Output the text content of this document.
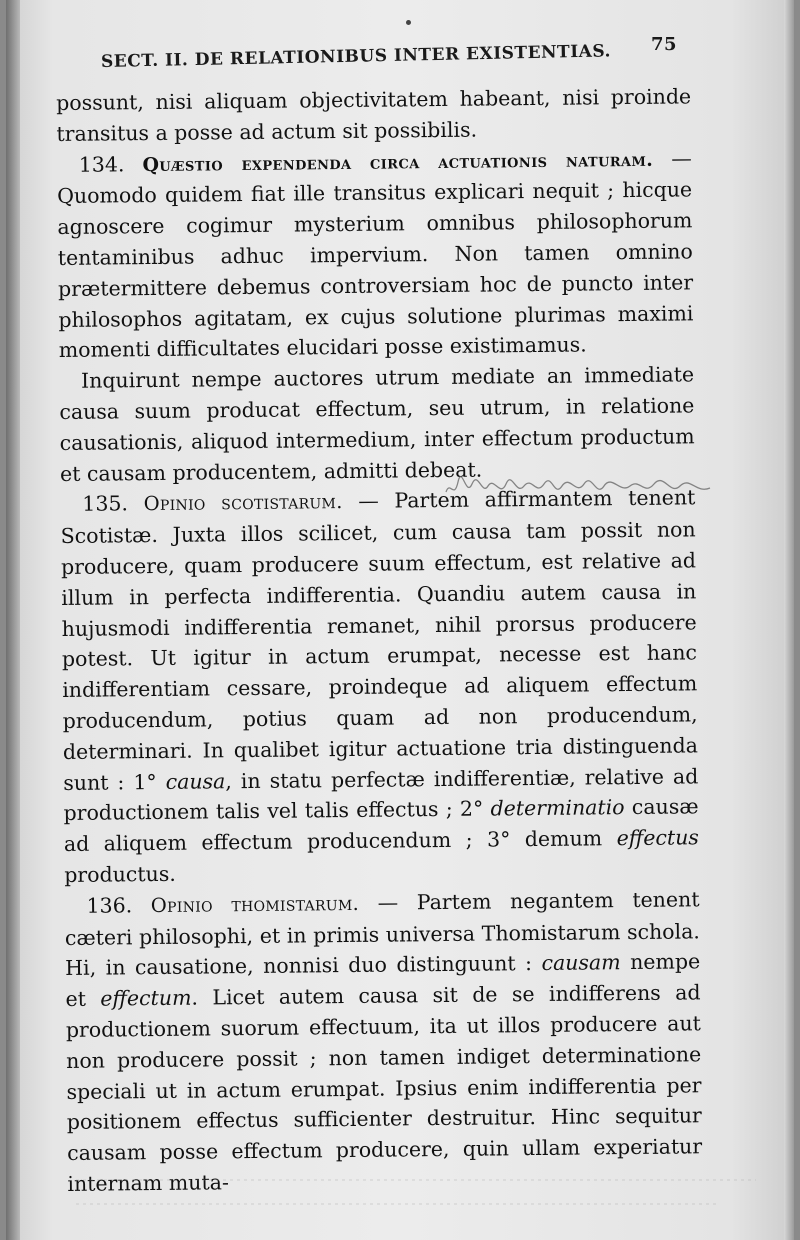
SECT. II. DE RELATIONIBUS INTER EXISTENTIAS. 75

possunt, nisi aliquam objectivitatem habeant, nisi proinde transitus a posse ad actum sit possibilis.

134. Quæstio expendenda circa actuationis naturam. — Quomodo quidem fiat ille transitus explicari nequit ; hicque agnoscere cogimur mysterium omnibus philosophorum tentaminibus adhuc impervium. Non tamen omnino prætermittere debemus controversiam hoc de puncto inter philosophos agitatam, ex cujus solutione plurimas maximi momenti difficultates elucidari posse existimamus.

Inquirunt nempe auctores utrum mediate an immediate causa suum producat effectum, seu utrum, in relatione causationis, aliquod intermedium, inter effectum productum et causam producentem, admitti debeat.

135. Opinio scotistarum. — Partem affirmantem tenent Scotistæ. Juxta illos scilicet, cum causa tam possit non producere, quam producere suum effectum, est relative ad illum in perfecta indifferentia. Quandiu autem causa in hujusmodi indifferentia remanet, nihil prorsus producere potest. Ut igitur in actum erumpat, necesse est hanc indifferentiam cessare, proindeque ad aliquem effectum producendum, potius quam ad non producendum, determinari. In qualibet igitur actuatione tria distinguenda sunt : 1° causa, in statu perfectæ indifferentiæ, relative ad productionem talis vel talis effectus ; 2° determinatio causæ ad aliquem effectum producendum ; 3° demum effectus productus.

136. Opinio thomistarum. — Partem negantem tenent cæteri philosophi, et in primis universa Thomistarum schola. Hi, in causatione, nonnisi duo distinguunt : causam nempe et effectum. Licet autem causa sit de se indifferens ad productionem suorum effectuum, ita ut illos producere aut non producere possit ; non tamen indiget determinatione speciali ut in actum erumpat. Ipsius enim indifferentia per positionem effectus sufficienter destruitur. Hinc sequitur causam posse effectum producere, quin ullam experiatur internam muta-
